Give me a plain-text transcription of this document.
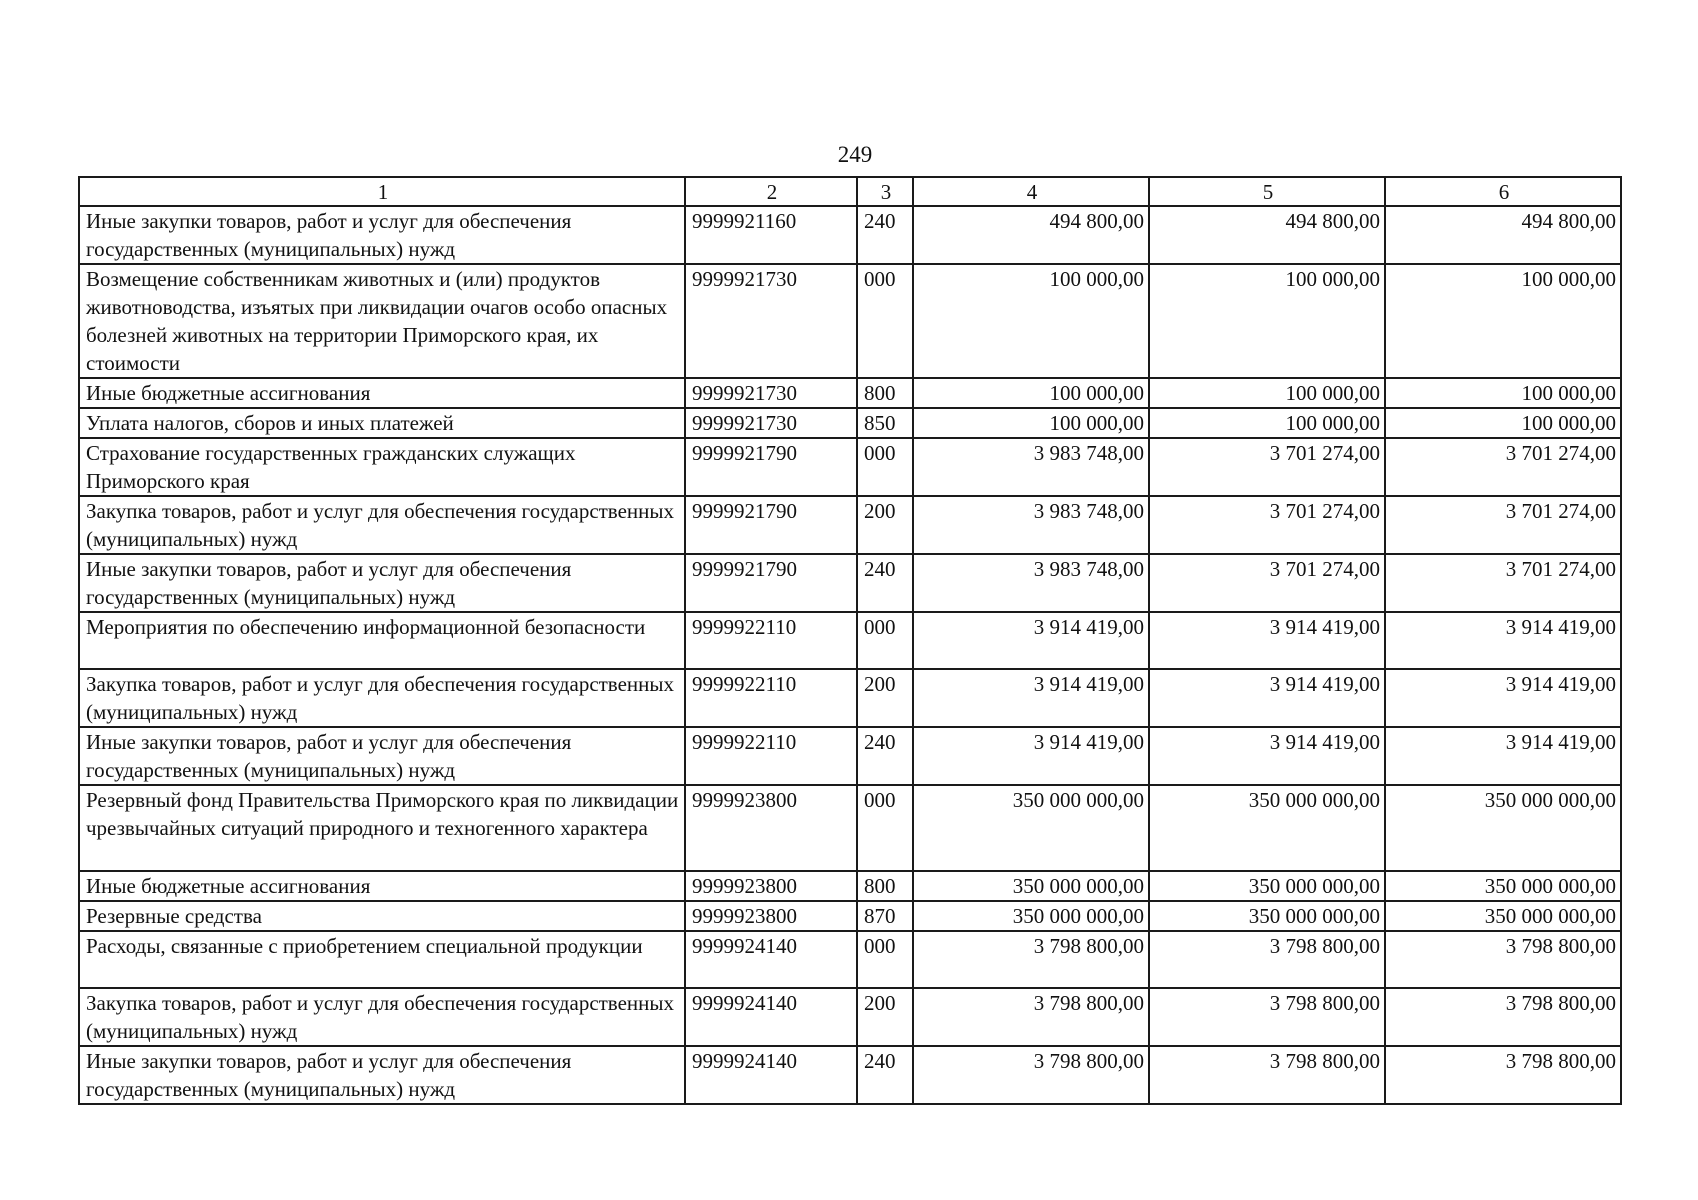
249
1	2	3	4	5	6
Иные закупки товаров, работ и услуг для обеспечения государственных (муниципальных) нужд	9999921160	240	494 800,00	494 800,00	494 800,00
Возмещение собственникам животных и (или) продуктов животноводства, изъятых при ликвидации очагов особо опасных болезней животных на территории Приморского края, их стоимости	9999921730	000	100 000,00	100 000,00	100 000,00
Иные бюджетные ассигнования	9999921730	800	100 000,00	100 000,00	100 000,00
Уплата налогов, сборов и иных платежей	9999921730	850	100 000,00	100 000,00	100 000,00
Страхование государственных гражданских служащих Приморского края	9999921790	000	3 983 748,00	3 701 274,00	3 701 274,00
Закупка товаров, работ и услуг для обеспечения государственных (муниципальных) нужд	9999921790	200	3 983 748,00	3 701 274,00	3 701 274,00
Иные закупки товаров, работ и услуг для обеспечения государственных (муниципальных) нужд	9999921790	240	3 983 748,00	3 701 274,00	3 701 274,00
Мероприятия по обеспечению информационной безопасности	9999922110	000	3 914 419,00	3 914 419,00	3 914 419,00
Закупка товаров, работ и услуг для обеспечения государственных (муниципальных) нужд	9999922110	200	3 914 419,00	3 914 419,00	3 914 419,00
Иные закупки товаров, работ и услуг для обеспечения государственных (муниципальных) нужд	9999922110	240	3 914 419,00	3 914 419,00	3 914 419,00
Резервный фонд Правительства Приморского края по ликвидации чрезвычайных ситуаций природного и техногенного характера	9999923800	000	350 000 000,00	350 000 000,00	350 000 000,00
Иные бюджетные ассигнования	9999923800	800	350 000 000,00	350 000 000,00	350 000 000,00
Резервные средства	9999923800	870	350 000 000,00	350 000 000,00	350 000 000,00
Расходы, связанные с приобретением специальной продукции	9999924140	000	3 798 800,00	3 798 800,00	3 798 800,00
Закупка товаров, работ и услуг для обеспечения государственных (муниципальных) нужд	9999924140	200	3 798 800,00	3 798 800,00	3 798 800,00
Иные закупки товаров, работ и услуг для обеспечения государственных (муниципальных) нужд	9999924140	240	3 798 800,00	3 798 800,00	3 798 800,00
